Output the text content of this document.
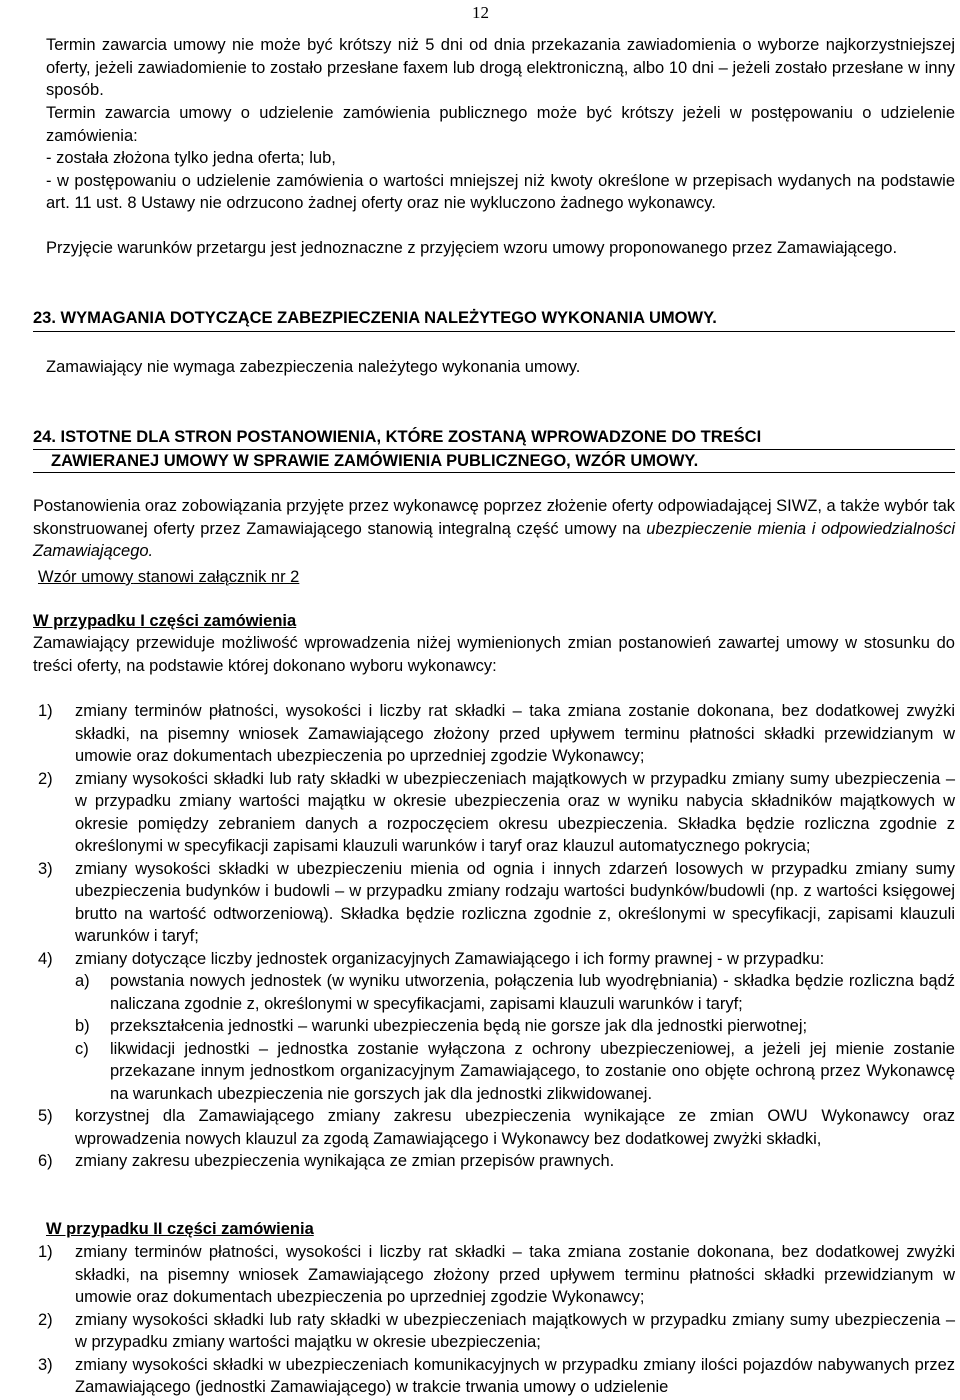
12

Termin zawarcia umowy nie może być krótszy niż 5 dni od dnia przekazania zawiadomienia o wyborze najkorzystniejszej oferty, jeżeli zawiadomienie to zostało przesłane faxem lub drogą elektroniczną, albo 10 dni – jeżeli zostało przesłane w inny sposób.

Termin zawarcia umowy o udzielenie zamówienia publicznego może być krótszy jeżeli w postępowaniu o udzielenie zamówienia:
- została złożona tylko jedna oferta; lub,
- w postępowaniu o udzielenie zamówienia o wartości mniejszej niż kwoty określone w przepisach wydanych na podstawie art. 11 ust. 8 Ustawy nie odrzucono żadnej oferty oraz nie wykluczono żadnego wykonawcy.

Przyjęcie warunków przetargu jest jednoznaczne z przyjęciem wzoru umowy proponowanego przez Zamawiającego.

23. WYMAGANIA DOTYCZĄCE ZABEZPIECZENIA NALEŻYTEGO WYKONANIA UMOWY.

Zamawiający nie wymaga zabezpieczenia należytego wykonania umowy.

24. ISTOTNE DLA STRON POSTANOWIENIA, KTÓRE ZOSTANĄ WPROWADZONE DO TREŚCI
ZAWIERANEJ UMOWY W SPRAWIE ZAMÓWIENIA PUBLICZNEGO, WZÓR UMOWY.
Postanowienia oraz zobowiązania przyjęte przez wykonawcę poprzez złożenie oferty odpowiadającej SIWZ, a także wybór tak skonstruowanej oferty przez Zamawiającego stanowią integralną część umowy na ubezpieczenie mienia i odpowiedzialności Zamawiającego.
Wzór umowy stanowi załącznik nr 2
W przypadku I części zamówienia

Zamawiający przewiduje możliwość wprowadzenia niżej wymienionych zmian postanowień zawartej umowy w stosunku do treści oferty, na podstawie której dokonano wyboru wykonawcy:

1) zmiany terminów płatności, wysokości i liczby rat składki – taka zmiana zostanie dokonana, bez dodatkowej zwyżki składki, na pisemny wniosek Zamawiającego złożony przed upływem terminu płatności składki przewidzianym w umowie oraz dokumentach ubezpieczenia po uprzedniej zgodzie Wykonawcy;
2) zmiany wysokości składki lub raty składki w ubezpieczeniach majątkowych w przypadku zmiany sumy ubezpieczenia – w przypadku zmiany wartości majątku w okresie ubezpieczenia oraz w wyniku nabycia składników majątkowych w okresie pomiędzy zebraniem danych a rozpoczęciem okresu ubezpieczenia. Składka będzie rozliczna zgodnie z określonymi w specyfikacji zapisami klauzuli warunków i taryf oraz klauzul automatycznego pokrycia;
3) zmiany wysokości składki w ubezpieczeniu mienia od ognia i innych zdarzeń losowych w przypadku zmiany sumy ubezpieczenia budynków i budowli – w przypadku zmiany rodzaju wartości budynków/budowli (np. z wartości księgowej brutto na wartość odtworzeniową). Składka będzie rozliczna zgodnie z, określonymi w specyfikacji, zapisami klauzuli warunków i taryf;
4) zmiany dotyczące liczby jednostek organizacyjnych Zamawiającego i ich formy prawnej - w przypadku:
a) powstania nowych jednostek (w wyniku utworzenia, połączenia lub wyodrębniania) - składka będzie rozliczna bądź naliczana zgodnie z, określonymi w specyfikacjami, zapisami klauzuli warunków i taryf;
b) przekształcenia jednostki – warunki ubezpieczenia będą nie gorsze jak dla jednostki pierwotnej;
c) likwidacji jednostki – jednostka zostanie wyłączona z ochrony ubezpieczeniowej, a jeżeli jej mienie zostanie przekazane innym jednostkom organizacyjnym Zamawiającego, to zostanie ono objęte ochroną przez Wykonawcę na warunkach ubezpieczenia nie gorszych jak dla jednostki zlikwidowanej.
5) korzystnej dla Zamawiającego zmiany zakresu ubezpieczenia wynikające ze zmian OWU Wykonawcy oraz wprowadzenia nowych klauzul za zgodą Zamawiającego i Wykonawcy bez dodatkowej zwyżki składki,
6) zmiany zakresu ubezpieczenia wynikająca ze zmian przepisów prawnych.
W przypadku II części zamówienia
1) zmiany terminów płatności, wysokości i liczby rat składki – taka zmiana zostanie dokonana, bez dodatkowej zwyżki składki, na pisemny wniosek Zamawiającego złożony przed upływem terminu płatności składki przewidzianym w umowie oraz dokumentach ubezpieczenia po uprzedniej zgodzie Wykonawcy;
2) zmiany wysokości składki lub raty składki w ubezpieczeniach majątkowych w przypadku zmiany sumy ubezpieczenia – w przypadku zmiany wartości majątku w okresie ubezpieczenia;
3) zmiany wysokości składki w ubezpieczeniach komunikacyjnych w przypadku zmiany ilości pojazdów nabywanych przez Zamawiającego (jednostki Zamawiającego) w trakcie trwania umowy o udzielenie
